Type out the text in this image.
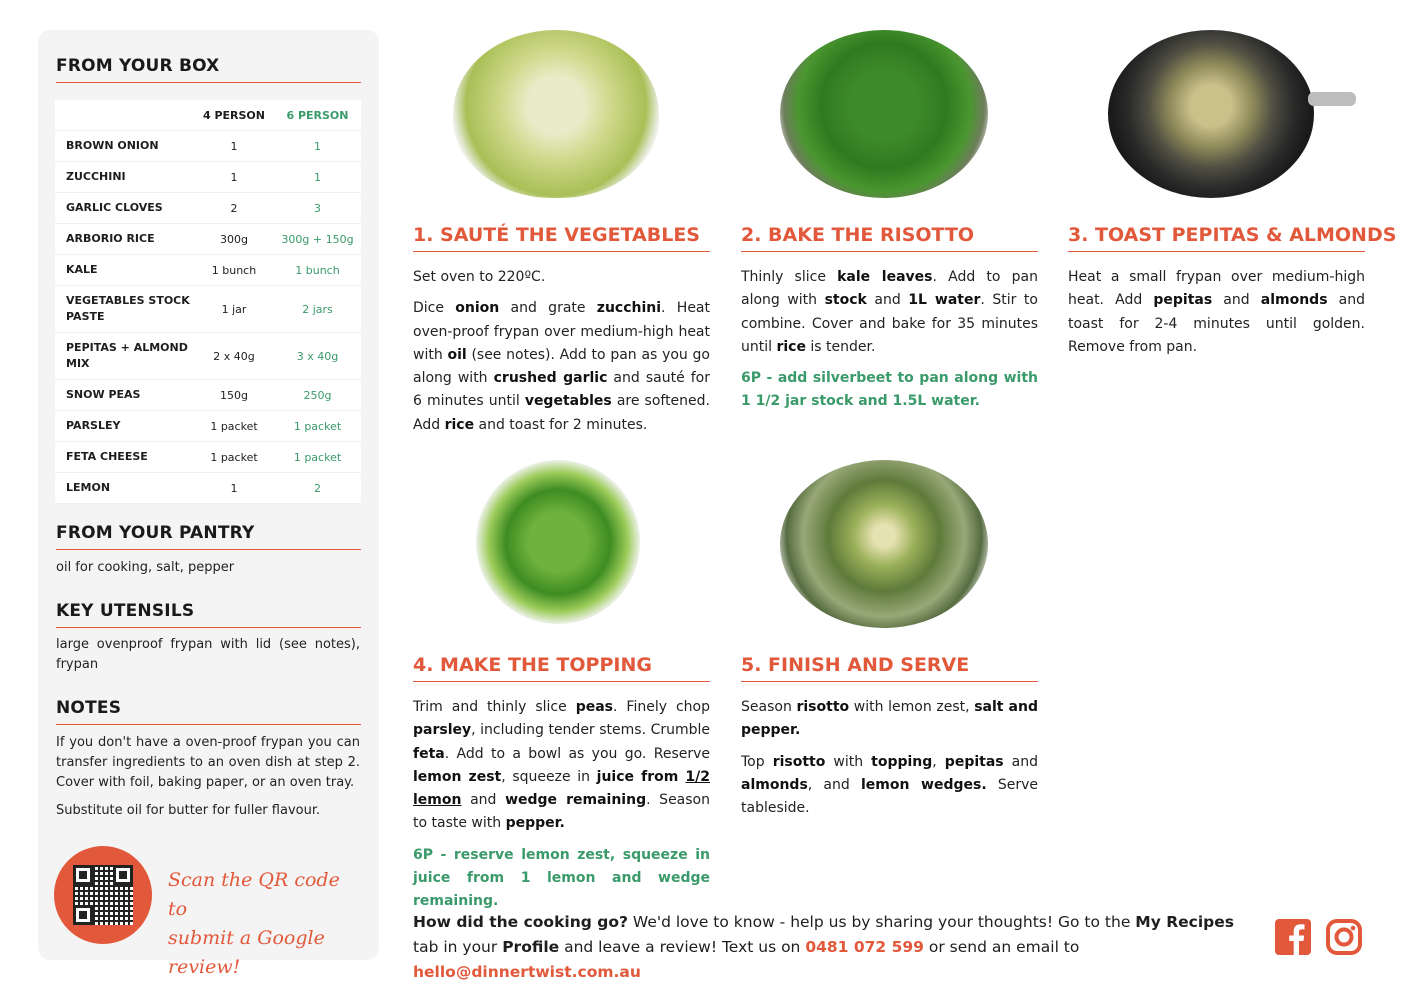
FROM YOUR BOX
	4 PERSON	6 PERSON
BROWN ONION	1	1
ZUCCHINI	1	1
GARLIC CLOVES	2	3
ARBORIO RICE	300g	300g + 150g
KALE	1 bunch	1 bunch
VEGETABLES STOCK PASTE	1 jar	2 jars
PEPITAS + ALMOND MIX	2 x 40g	3 x 40g
SNOW PEAS	150g	250g
PARSLEY	1 packet	1 packet
FETA CHEESE	1 packet	1 packet
LEMON	1	2
FROM YOUR PANTRY
oil for cooking, salt, pepper
KEY UTENSILS
large ovenproof frypan with lid (see notes), frypan
NOTES
If you don't have a oven-proof frypan you can transfer ingredients to an oven dish at step 2. Cover with foil, baking paper, or an oven tray.
Substitute oil for butter for fuller flavour.
Scan the QR code to
submit a Google review!
1. SAUTÉ THE VEGETABLES

Set oven to 220ºC.

Dice onion and grate zucchini. Heat oven-proof frypan over medium-high heat with oil (see notes). Add to pan as you go along with crushed garlic and sauté for 6 minutes until vegetables are softened. Add rice and toast for 2 minutes.

2. BAKE THE RISOTTO

Thinly slice kale leaves. Add to pan along with stock and 1L water. Stir to combine. Cover and bake for 35 minutes until rice is tender.

6P - add silverbeet to pan along with 1 1/2 jar stock and 1.5L water.

3. TOAST PEPITAS & ALMONDS

Heat a small frypan over medium-high heat. Add pepitas and almonds and toast for 2-4 minutes until golden. Remove from pan.

4. MAKE THE TOPPING

Trim and thinly slice peas. Finely chop parsley, including tender stems. Crumble feta. Add to a bowl as you go. Reserve lemon zest, squeeze in juice from 1/2 lemon and wedge remaining. Season to taste with pepper.

6P - reserve lemon zest, squeeze in juice from 1 lemon and wedge remaining.

5. FINISH AND SERVE

Season risotto with lemon zest, salt and pepper.

Top risotto with topping, pepitas and almonds, and lemon wedges. Serve tableside.

How did the cooking go? We'd love to know - help us by sharing your thoughts! Go to the My Recipes tab in your Profile and leave a review! Text us on 0481 072 599 or send an email to hello@dinnertwist.com.au
